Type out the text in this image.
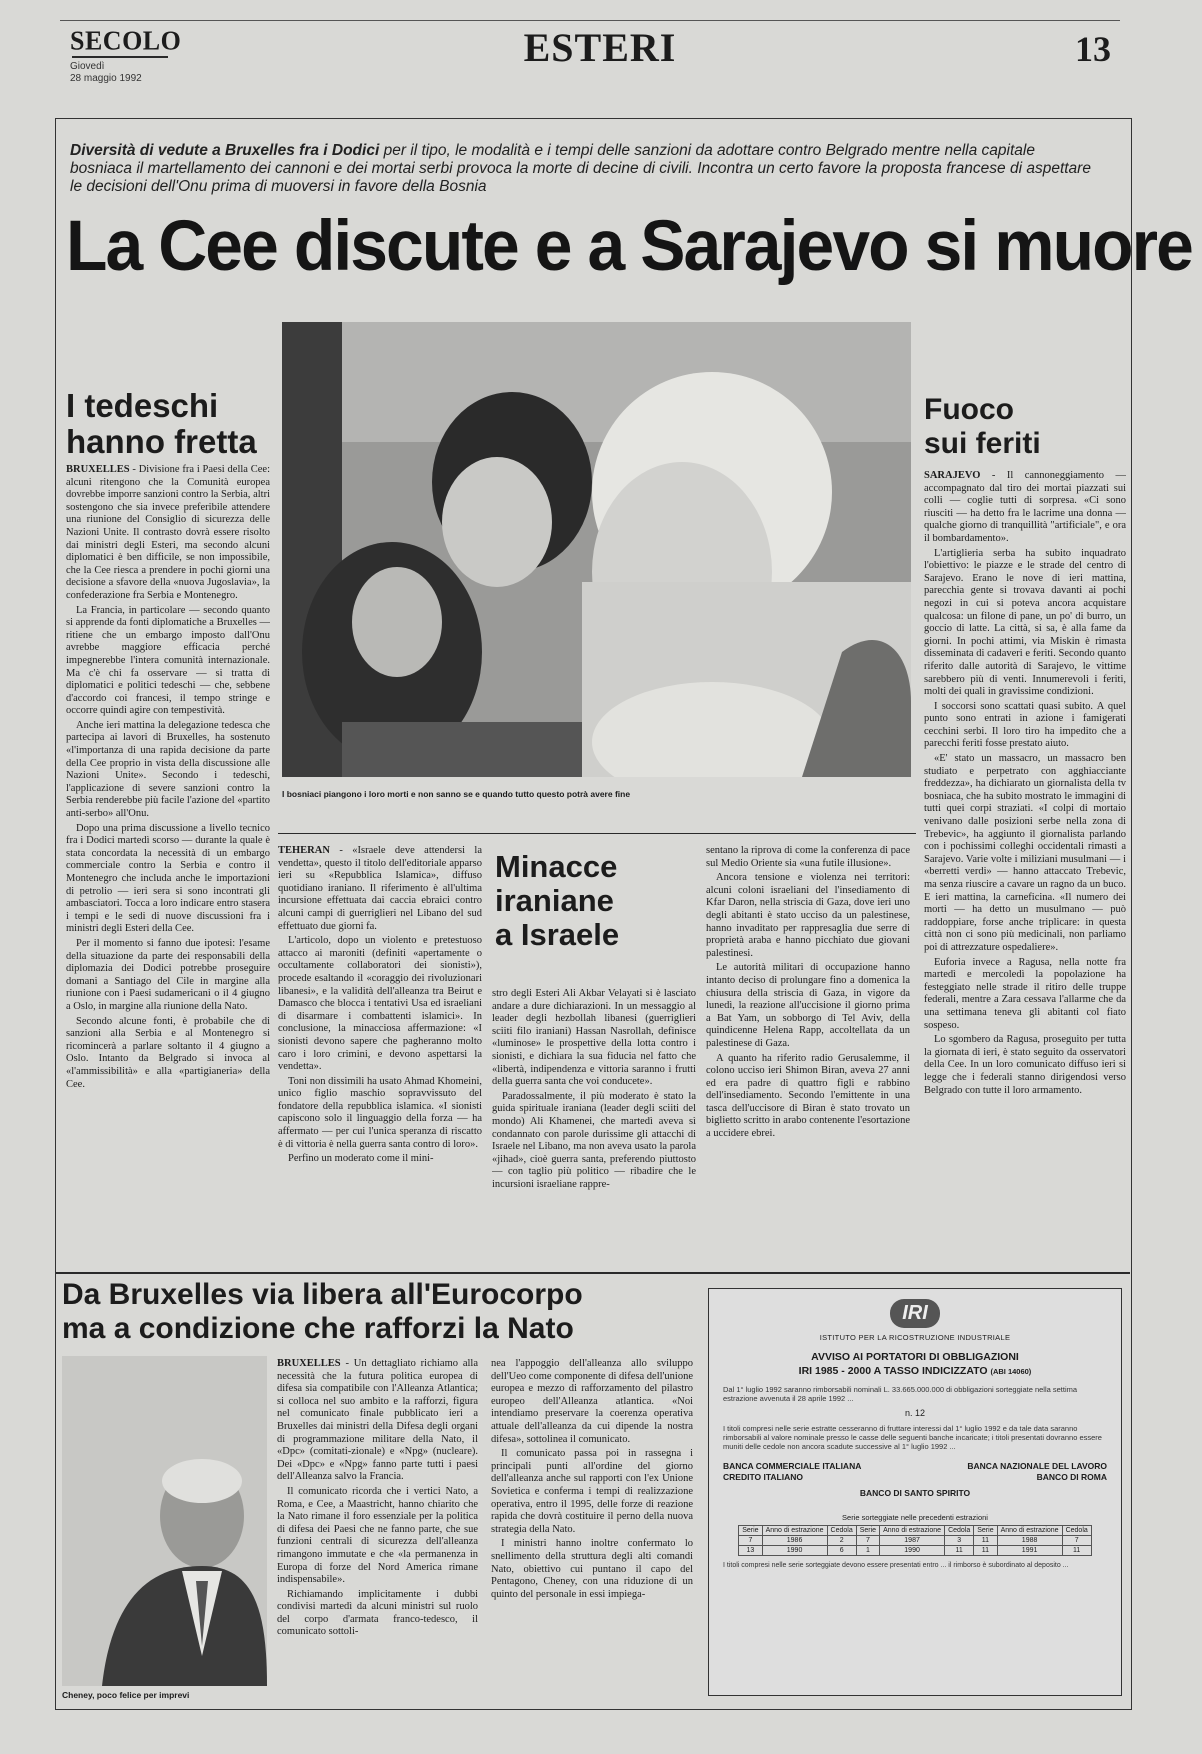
SECOLO
Giovedì
28 maggio 1992
ESTERI	13
Diversità di vedute a Bruxelles fra i Dodici per il tipo, le modalità e i tempi delle sanzioni da adottare contro Belgrado mentre nella capitale bosniaca il martellamento dei cannoni e dei mortai serbi provoca la morte di decine di civili. Incontra un certo favore la proposta francese di aspettare le decisioni dell'Onu prima di muoversi in favore della Bosnia
La Cee discute e a Sarajevo si muore
I bosniaci piangono i loro morti e non sanno se e quando tutto questo potrà avere fine
I tedeschi
hanno fretta

BRUXELLES - Divisione fra i Paesi della Cee: alcuni ritengono che la Comunità europea dovrebbe imporre sanzioni contro la Serbia, altri sostengono che sia invece preferibile attendere una riunione del Consiglio di sicurezza delle Nazioni Unite. Il contrasto dovrà essere risolto dai ministri degli Esteri, ma secondo alcuni diplomatici è ben difficile, se non impossibile, che la Cee riesca a prendere in pochi giorni una decisione a sfavore della «nuova Jugoslavia», la confederazione fra Serbia e Montenegro.

La Francia, in particolare — secondo quanto si apprende da fonti diplomatiche a Bruxelles — ritiene che un embargo imposto dall'Onu avrebbe maggiore efficacia perché impegnerebbe l'intera comunità internazionale. Ma c'è chi fa osservare — si tratta di diplomatici e politici tedeschi — che, sebbene d'accordo coi francesi, il tempo stringe e occorre quindi agire con tempestività.

Anche ieri mattina la delegazione tedesca che partecipa ai lavori di Bruxelles, ha sostenuto «l'importanza di una rapida decisione da parte della Cee proprio in vista della discussione alle Nazioni Unite». Secondo i tedeschi, l'applicazione di severe sanzioni contro la Serbia renderebbe più facile l'azione del «partito anti-serbo» all'Onu.

Dopo una prima discussione a livello tecnico fra i Dodici martedì scorso — durante la quale è stata concordata la necessità di un embargo commerciale contro la Serbia e contro il Montenegro che includa anche le importazioni di petrolio — ieri sera si sono incontrati gli ambasciatori. Tocca a loro indicare entro stasera i tempi e le sedi di nuove discussioni fra i ministri degli Esteri della Cee.

Per il momento si fanno due ipotesi: l'esame della situazione da parte dei responsabili della diplomazia dei Dodici potrebbe proseguire domani a Santiago del Cile in margine alla riunione con i Paesi sudamericani o il 4 giugno a Oslo, in margine alla riunione della Nato.

Secondo alcune fonti, è probabile che di sanzioni alla Serbia e al Montenegro si ricomincerà a parlare soltanto il 4 giugno a Oslo. Intanto da Belgrado si invoca al «l'ammissibilità» e alla «partigianeria» della Cee.

Fuoco
sui feriti

SARAJEVO - Il cannoneggiamento — accompagnato dal tiro dei mortai piazzati sui colli — coglie tutti di sorpresa. «Ci sono riusciti — ha detto fra le lacrime una donna — qualche giorno di tranquillità "artificiale", e ora il bombardamento».

L'artiglieria serba ha subito inquadrato l'obiettivo: le piazze e le strade del centro di Sarajevo. Erano le nove di ieri mattina, parecchia gente si trovava davanti ai pochi negozi in cui si poteva ancora acquistare qualcosa: un filone di pane, un po' di burro, un goccio di latte. La città, si sa, è alla fame da giorni. In pochi attimi, via Miskin è rimasta disseminata di cadaveri e feriti. Secondo quanto riferito dalle autorità di Sarajevo, le vittime sarebbero più di venti. Innumerevoli i feriti, molti dei quali in gravissime condizioni.

I soccorsi sono scattati quasi subito. A quel punto sono entrati in azione i famigerati cecchini serbi. Il loro tiro ha impedito che a parecchi feriti fosse prestato aiuto.

«E' stato un massacro, un massacro ben studiato e perpetrato con agghiacciante freddezza», ha dichiarato un giornalista della tv bosniaca, che ha subito mostrato le immagini di tutti quei corpi straziati. «I colpi di mortaio venivano dalle posizioni serbe nella zona di Trebevic», ha aggiunto il giornalista parlando con i pochissimi colleghi occidentali rimasti a Sarajevo. Varie volte i miliziani musulmani — i «berretti verdi» — hanno attaccato Trebevic, ma senza riuscire a cavare un ragno da un buco. E ieri mattina, la carneficina. «Il numero dei morti — ha detto un musulmano — può raddoppiare, forse anche triplicare: in questa città non ci sono più medicinali, non parliamo poi di attrezzature ospedaliere».

Euforia invece a Ragusa, nella notte fra martedì e mercoledì la popolazione ha festeggiato nelle strade il ritiro delle truppe federali, mentre a Zara cessava l'allarme che da una settimana teneva gli abitanti col fiato sospeso.

Lo sgombero da Ragusa, proseguito per tutta la giornata di ieri, è stato seguito da osservatori della Cee. In un loro comunicato diffuso ieri si legge che i federali stanno dirigendosi verso Belgrado con tutte il loro armamento.

TEHERAN - «Israele deve attendersi la vendetta», questo il titolo dell'editoriale apparso ieri su «Repubblica Islamica», diffuso quotidiano iraniano. Il riferimento è all'ultima incursione effettuata dai caccia ebraici contro alcuni campi di guerriglieri nel Libano del sud effettuato due giorni fa.

L'articolo, dopo un violento e pretestuoso attacco ai maroniti (definiti «apertamente o occultamente collaboratori dei sionisti»), procede esaltando il «coraggio dei rivoluzionari libanesi», e la validità dell'alleanza tra Beirut e Damasco che blocca i tentativi Usa ed israeliani di disarmare i combattenti islamici». In conclusione, la minacciosa affermazione: «I sionisti devono sapere che pagheranno molto caro i loro crimini, e devono aspettarsi la vendetta».

Toni non dissimili ha usato Ahmad Khomeini, unico figlio maschio sopravvissuto del fondatore della repubblica islamica. «I sionisti capiscono solo il linguaggio della forza — ha affermato — per cui l'unica speranza di riscatto è di vittoria è nella guerra santa contro di loro».

Perfino un moderato come il mini-

Minacce
iraniane
a Israele

stro degli Esteri Ali Akbar Velayati si è lasciato andare a dure dichiarazioni. In un messaggio al leader degli hezbollah libanesi (guerriglieri sciiti filo iraniani) Hassan Nasrollah, definisce «luminose» le prospettive della lotta contro i sionisti, e dichiara la sua fiducia nel fatto che «libertà, indipendenza e vittoria saranno i frutti della guerra santa che voi conducete».

Paradossalmente, il più moderato è stato la guida spirituale iraniana (leader degli sciiti del mondo) Ali Khamenei, che martedì aveva sì condannato con parole durissime gli attacchi di Israele nel Libano, ma non aveva usato la parola «jihad», cioè guerra santa, preferendo piuttosto — con taglio più politico — ribadire che le incursioni israeliane rappre-

sentano la riprova di come la conferenza di pace sul Medio Oriente sia «una futile illusione».

Ancora tensione e violenza nei territori: alcuni coloni israeliani del l'insediamento di Kfar Daron, nella striscia di Gaza, dove ieri uno degli abitanti è stato ucciso da un palestinese, hanno invaditato per rappresaglia due serre di proprietà araba e hanno picchiato due giovani palestinesi.

Le autorità militari di occupazione hanno intanto deciso di prolungare fino a domenica la chiusura della striscia di Gaza, in vigore da lunedì, la reazione all'uccisione il giorno prima a Bat Yam, un sobborgo di Tel Aviv, della quindicenne Helena Rapp, accoltellata da un palestinese di Gaza.

A quanto ha riferito radio Gerusalemme, il colono ucciso ieri Shimon Biran, aveva 27 anni ed era padre di quattro figli e rabbino dell'insediamento. Secondo l'emittente in una tasca dell'uccisore di Biran è stato trovato un biglietto scritto in arabo contenente l'esortazione a uccidere ebrei.

Da Bruxelles via libera all'Eurocorpo
ma a condizione che rafforzi la Nato
Cheney, poco felice per imprevi

BRUXELLES - Un dettagliato richiamo alla necessità che la futura politica europea di difesa sia compatibile con l'Alleanza Atlantica; si colloca nel suo ambito e la rafforzi, figura nel comunicato finale pubblicato ieri a Bruxelles dai ministri della Difesa degli organi di programmazione militare della Nato, il «Dpc» (comitati-zionale) e «Npg» (nucleare). Dei «Dpc» e «Npg» fanno parte tutti i paesi dell'Alleanza salvo la Francia.

Il comunicato ricorda che i vertici Nato, a Roma, e Cee, a Maastricht, hanno chiarito che la Nato rimane il foro essenziale per la politica di difesa dei Paesi che ne fanno parte, che sue funzioni centrali di sicurezza dell'alleanza rimangono immutate e che «la permanenza in Europa di forze del Nord America rimane indispensabile».

Richiamando implicitamente i dubbi condivisi martedì da alcuni ministri sul ruolo del corpo d'armata franco-tedesco, il comunicato sottoli-

nea l'appoggio dell'alleanza allo sviluppo dell'Ueo come componente di difesa dell'unione europea e mezzo di rafforzamento del pilastro europeo dell'Alleanza atlantica. «Noi intendiamo preservare la coerenza operativa attuale dell'alleanza da cui dipende la nostra difesa», sottolinea il comunicato.

Il comunicato passa poi in rassegna i principali punti all'ordine del giorno dell'alleanza anche sul rapporti con l'ex Unione Sovietica e conferma i tempi di realizzazione operativa, entro il 1995, delle forze di reazione rapida che dovrà costituire il perno della nuova strategia della Nato.

I ministri hanno inoltre confermato lo snellimento della struttura degli alti comandi Nato, obiettivo cui puntano il capo del Pentagono, Cheney, con una riduzione di un quinto del personale in essi impiega-

IRI
ISTITUTO PER LA RICOSTRUZIONE INDUSTRIALE
AVVISO AI PORTATORI DI OBBLIGAZIONI
IRI 1985 - 2000 A TASSO INDICIZZATO (ABI 14060)
Dal 1° luglio 1992 saranno rimborsabili nominali L. 33.665.000.000 di obbligazioni sorteggiate nella settima estrazione avvenuta il 28 aprile 1992 ...
n. 12
I titoli compresi nelle serie estratte cesseranno di fruttare interessi dal 1° luglio 1992 e da tale data saranno rimborsabili al valore nominale presso le casse delle seguenti banche incaricate; i titoli presentati dovranno essere muniti delle cedole non ancora scadute successive al 1° luglio 1992 ...
BANCA COMMERCIALE ITALIANA	BANCA NAZIONALE DEL LAVORO
CREDITO ITALIANO	BANCO DI ROMA
BANCO DI SANTO SPIRITO
Serie sorteggiate nelle precedenti estrazioni
Serie	Anno di estrazione	Cedola	Serie	Anno di estrazione	Cedola	Serie	Anno di estrazione	Cedola
7	1986	2	7	1987	3	11	1988	7
13	1990	6	1	1990	11	11	1991	11
I titoli compresi nelle serie sorteggiate devono essere presentati entro ... il rimborso è subordinato al deposito ...
